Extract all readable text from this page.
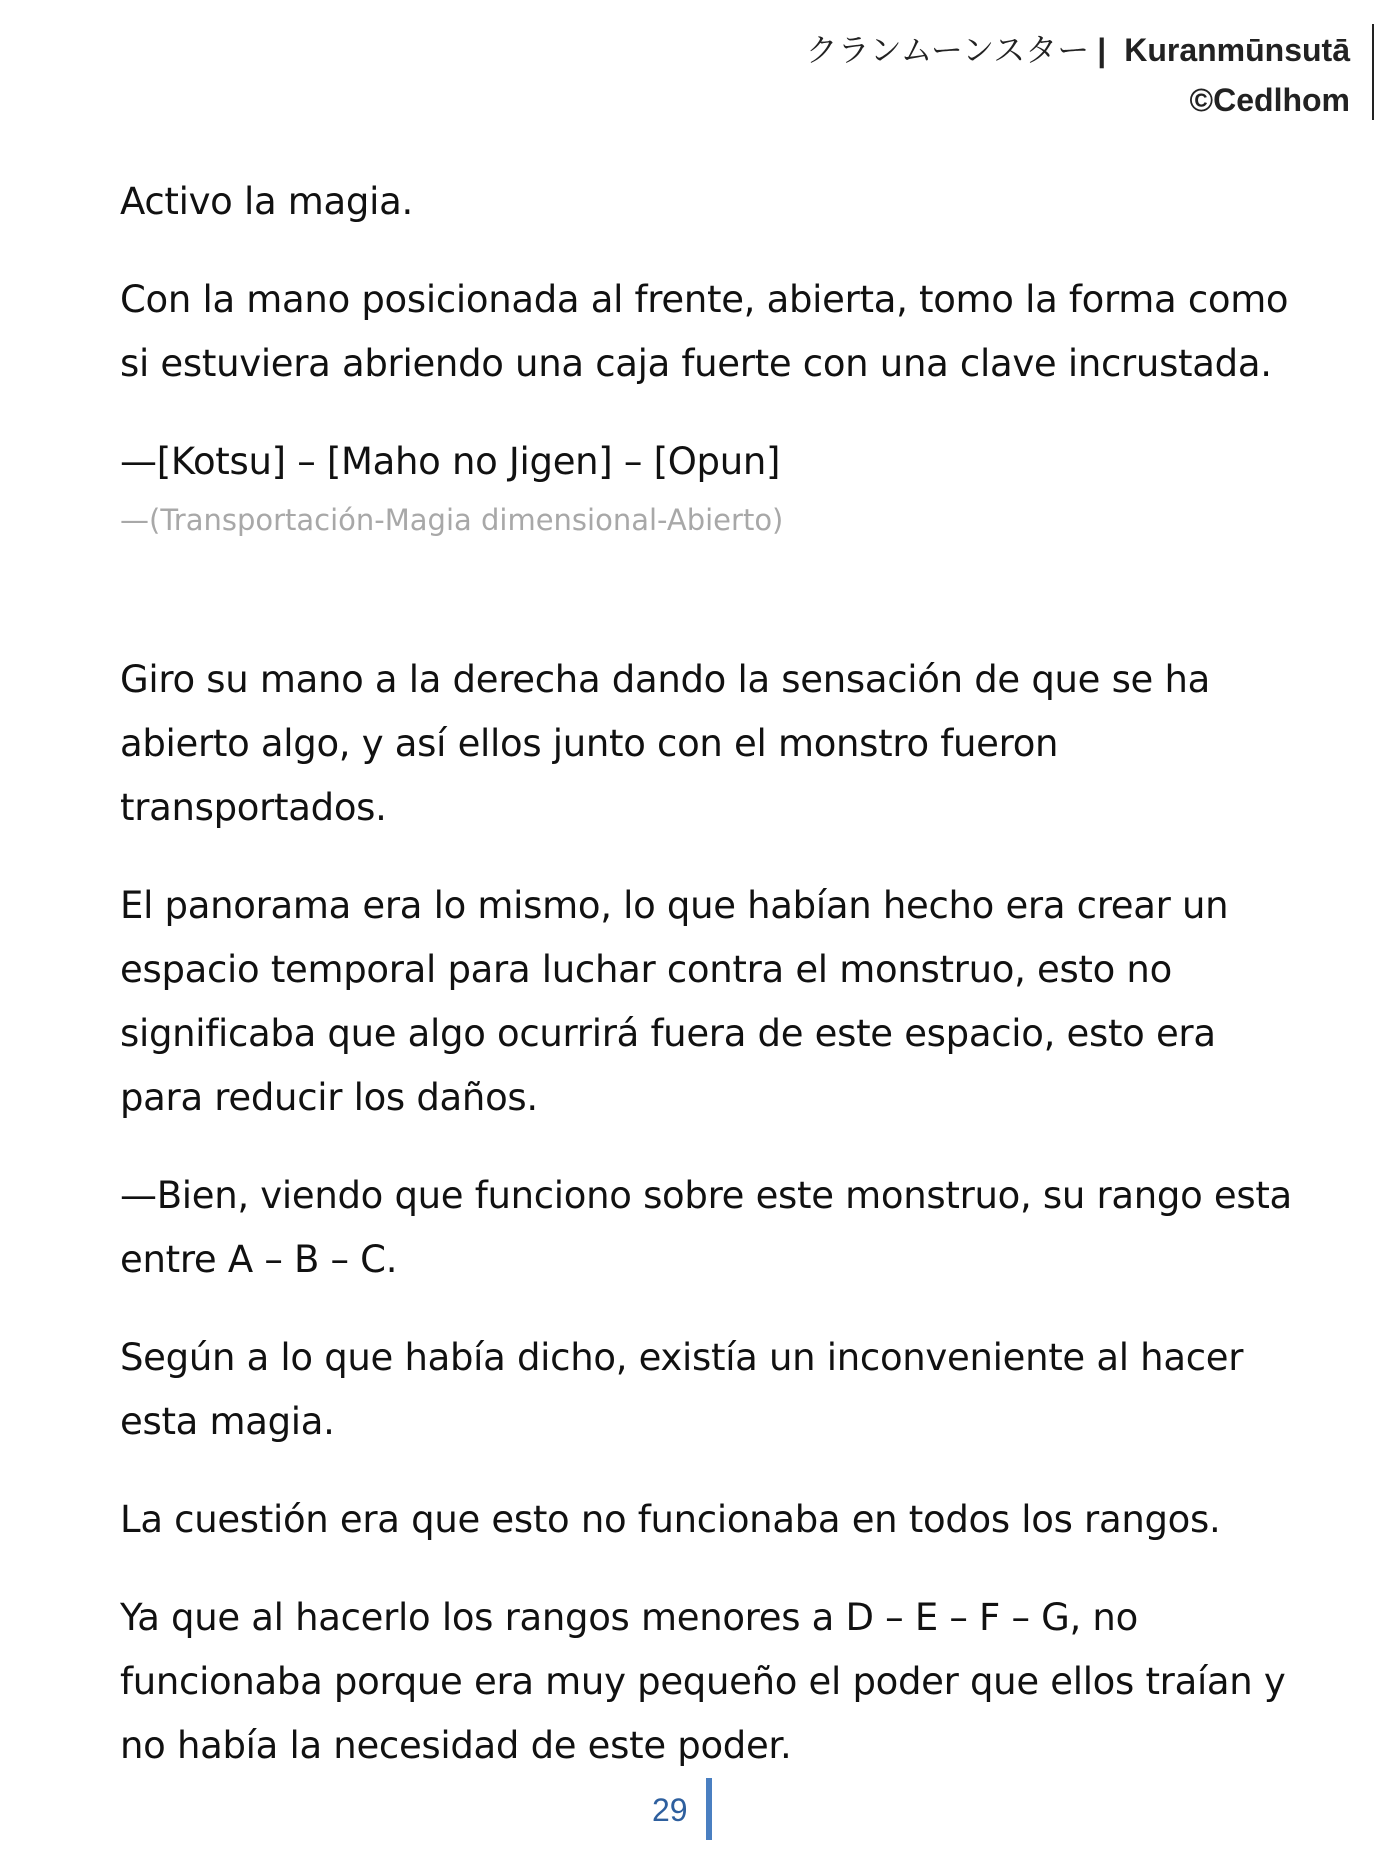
クランムーンスター | Kuranmūnsutā
©Cedlhom

Activo la magia.

Con la mano posicionada al frente, abierta, tomo la forma como si estuviera abriendo una caja fuerte con una clave incrustada.

—[Kotsu] – [Maho no Jigen] – [Opun]

—(Transportación-Magia dimensional-Abierto)

Giro su mano a la derecha dando la sensación de que se ha abierto algo, y así ellos junto con el monstro fueron transportados.

El panorama era lo mismo, lo que habían hecho era crear un espacio temporal para luchar contra el monstruo, esto no significaba que algo ocurrirá fuera de este espacio, esto era para reducir los daños.

—Bien, viendo que funciono sobre este monstruo, su rango esta entre A – B – C.

Según a lo que había dicho, existía un inconveniente al hacer esta magia.

La cuestión era que esto no funcionaba en todos los rangos.

Ya que al hacerlo los rangos menores a D – E – F – G, no funcionaba porque era muy pequeño el poder que ellos traían y no había la necesidad de este poder.

29
